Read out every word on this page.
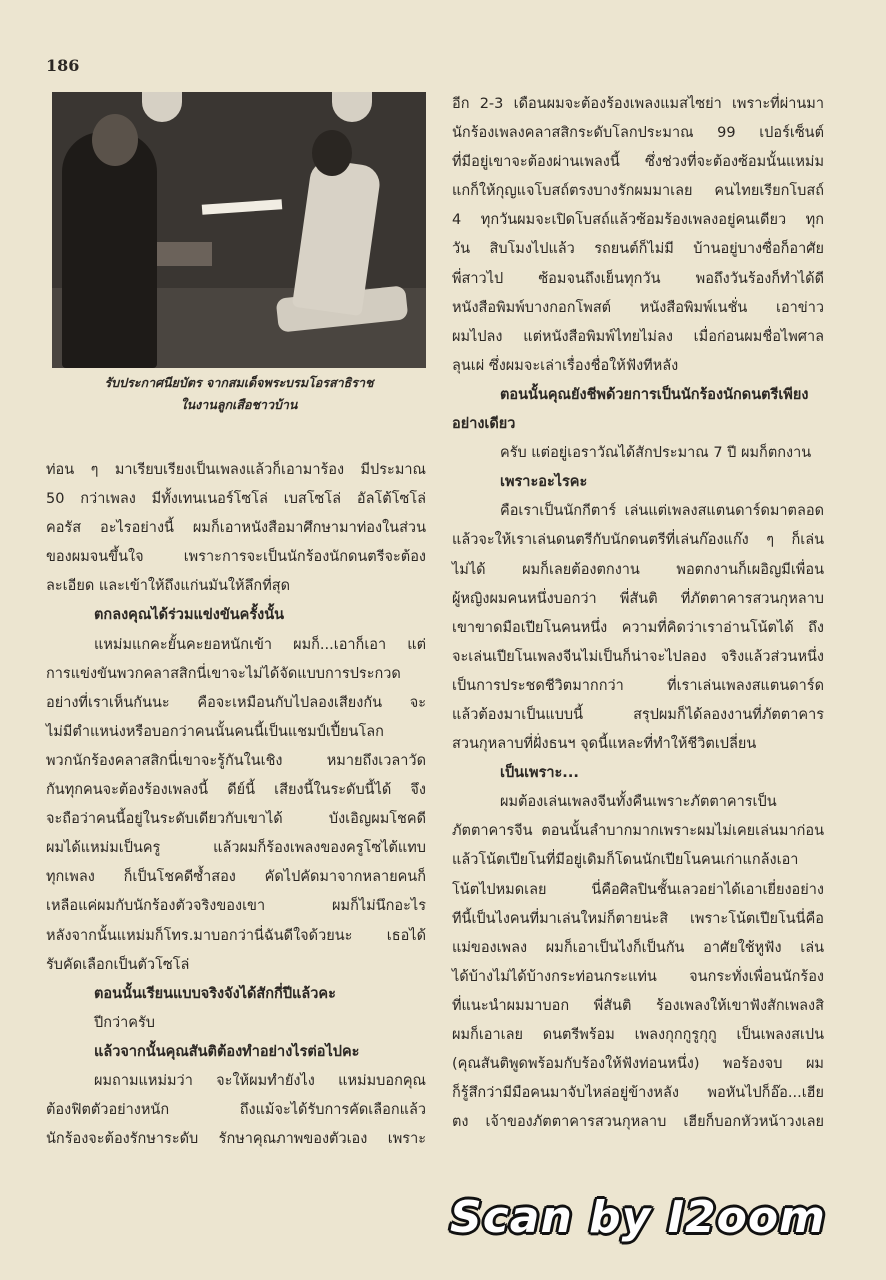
186
รับประกาศนียบัตร จากสมเด็จพระบรมโอรสาธิราช
ในงานลูกเสือชาวบ้าน

ท่อน ๆ มาเรียบเรียงเป็นเพลงแล้วก็เอามาร้อง มีประมาณ

50 กว่าเพลง มีทั้งเทนเนอร์โซโล่ เบสโซโล่ อัลโต้โซโล่

คอรัส อะไรอย่างนี้ ผมก็เอาหนังสือมาศึกษามาท่องในส่วน

ของผมจนขึ้นใจ เพราะการจะเป็นนักร้องนักดนตรีจะต้อง

ละเอียด และเข้าให้ถึงแก่นมันให้ลึกที่สุด

ตกลงคุณได้ร่วมแข่งขันครั้งนั้น

แหม่มแกคะยั้นคะยอหนักเข้า ผมก็...เอาก็เอา แต่

การแข่งขันพวกคลาสสิกนี่เขาจะไม่ได้จัดแบบการประกวด

อย่างที่เราเห็นกันนะ คือจะเหมือนกับไปลองเสียงกัน จะ

ไม่มีตำแหน่งหรือบอกว่าคนนั้นคนนี้เป็นแชมป์เปี้ยนโลก

พวกนักร้องคลาสสิกนี่เขาจะรู้กันในเชิง หมายถึงเวลาวัด

กันทุกคนจะต้องร้องเพลงนี้ ดีย์นี้ เสียงนี้ในระดับนี้ได้ จึง

จะถือว่าคนนี้อยู่ในระดับเดียวกับเขาได้ บังเอิญผมโชคดี

ผมได้แหม่มเป็นครู แล้วผมก็ร้องเพลงของครูโซไต้แทบ

ทุกเพลง ก็เป็นโชคดีซ้ำสอง คัดไปคัดมาจากหลายคนก็

เหลือแค่ผมกับนักร้องตัวจริงของเขา ผมก็ไม่นึกอะไร

หลังจากนั้นแหม่มก็โทร.มาบอกว่านี่ฉันดีใจด้วยนะ เธอได้

รับคัดเลือกเป็นตัวโซโล่

ตอนนั้นเรียนแบบจริงจังได้สักกี่ปีแล้วคะ

ปีกว่าครับ

แล้วจากนั้นคุณสันติต้องทำอย่างไรต่อไปคะ

ผมถามแหม่มว่า จะให้ผมทำยังไง แหม่มบอกคุณ

ต้องฟิตตัวอย่างหนัก ถึงแม้จะได้รับการคัดเลือกแล้ว

นักร้องจะต้องรักษาระดับ รักษาคุณภาพของตัวเอง เพราะ

อีก 2-3 เดือนผมจะต้องร้องเพลงแมสไซย่า เพราะที่ผ่านมา

นักร้องเพลงคลาสสิกระดับโลกประมาณ 99 เปอร์เซ็นต์

ที่มีอยู่เขาจะต้องผ่านเพลงนี้ ซึ่งช่วงที่จะต้องซ้อมนั้นแหม่ม

แกก็ให้กุญแจโบสถ์ตรงบางรักผมมาเลย คนไทยเรียกโบสถ์

4 ทุกวันผมจะเปิดโบสถ์แล้วซ้อมร้องเพลงอยู่คนเดียว ทุก

วัน สิบโมงไปแล้ว รถยนต์ก็ไม่มี บ้านอยู่บางซื่อก็อาศัย

พี่สาวไป ซ้อมจนถึงเย็นทุกวัน พอถึงวันร้องก็ทำได้ดี

หนังสือพิมพ์บางกอกโพสต์ หนังสือพิมพ์เนชั่น เอาข่าว

ผมไปลง แต่หนังสือพิมพ์ไทยไม่ลง เมื่อก่อนผมชื่อไพศาล

ลุนเผ่ ซึ่งผมจะเล่าเรื่องชื่อให้ฟังทีหลัง

ตอนนั้นคุณยังชีพด้วยการเป็นนักร้องนักดนตรีเพียง

อย่างเดียว

ครับ แต่อยู่เอราวัณได้สักประมาณ 7 ปี ผมก็ตกงาน

เพราะอะไรคะ

คือเราเป็นนักกีตาร์ เล่นแต่เพลงสแตนดาร์ดมาตลอด

แล้วจะให้เราเล่นดนตรีกับนักดนตรีที่เล่นก๊องแก๊ง ๆ ก็เล่น

ไม่ได้ ผมก็เลยต้องตกงาน พอตกงานก็เผอิญมีเพื่อน

ผู้หญิงผมคนหนึ่งบอกว่า พี่สันติ ที่ภัตตาคารสวนกุหลาบ

เขาขาดมือเปียโนคนหนึ่ง ความที่คิดว่าเราอ่านโน้ตได้ ถึง

จะเล่นเปียโนเพลงจีนไม่เป็นก็น่าจะไปลอง จริงแล้วส่วนหนึ่ง

เป็นการประชดชีวิตมากกว่า ที่เราเล่นเพลงสแตนดาร์ด

แล้วต้องมาเป็นแบบนี้ สรุปผมก็ได้ลองงานที่ภัตตาคาร

สวนกุหลาบที่ฝั่งธนฯ จุดนี้แหละที่ทำให้ชีวิตเปลี่ยน

เป็นเพราะ...

ผมต้องเล่นเพลงจีนทั้งคืนเพราะภัตตาคารเป็น

ภัตตาคารจีน ตอนนั้นลำบากมากเพราะผมไม่เคยเล่นมาก่อน

แล้วโน้ตเปียโนที่มีอยู่เดิมก็โดนนักเปียโนคนเก่าแกล้งเอา

โน้ตไปหมดเลย นี่คือศิลปินชั้นเลวอย่าได้เอาเยี่ยงอย่าง

ทีนี้เป็นไงคนที่มาเล่นใหม่ก็ตายน่ะสิ เพราะโน้ตเปียโนนี่คือ

แม่ของเพลง ผมก็เอาเป็นไงก็เป็นกัน อาศัยใช้หูฟัง เล่น

ได้บ้างไม่ได้บ้างกระท่อนกระแท่น จนกระทั่งเพื่อนนักร้อง

ที่แนะนำผมมาบอก พี่สันติ ร้องเพลงให้เขาฟังสักเพลงสิ

ผมก็เอาเลย ดนตรีพร้อม เพลงกุกกูรูกุกู เป็นเพลงสเปน

(คุณสันติพูดพร้อมกับร้องให้ฟังท่อนหนึ่ง) พอร้องจบ ผม

ก็รู้สึกว่ามีมือคนมาจับไหล่อยู่ข้างหลัง พอหันไปก็อ๊อ...เฮีย

ตง เจ้าของภัตตาคารสวนกุหลาบ เฮียก็บอกหัวหน้าวงเลย

Scan by I2oom
